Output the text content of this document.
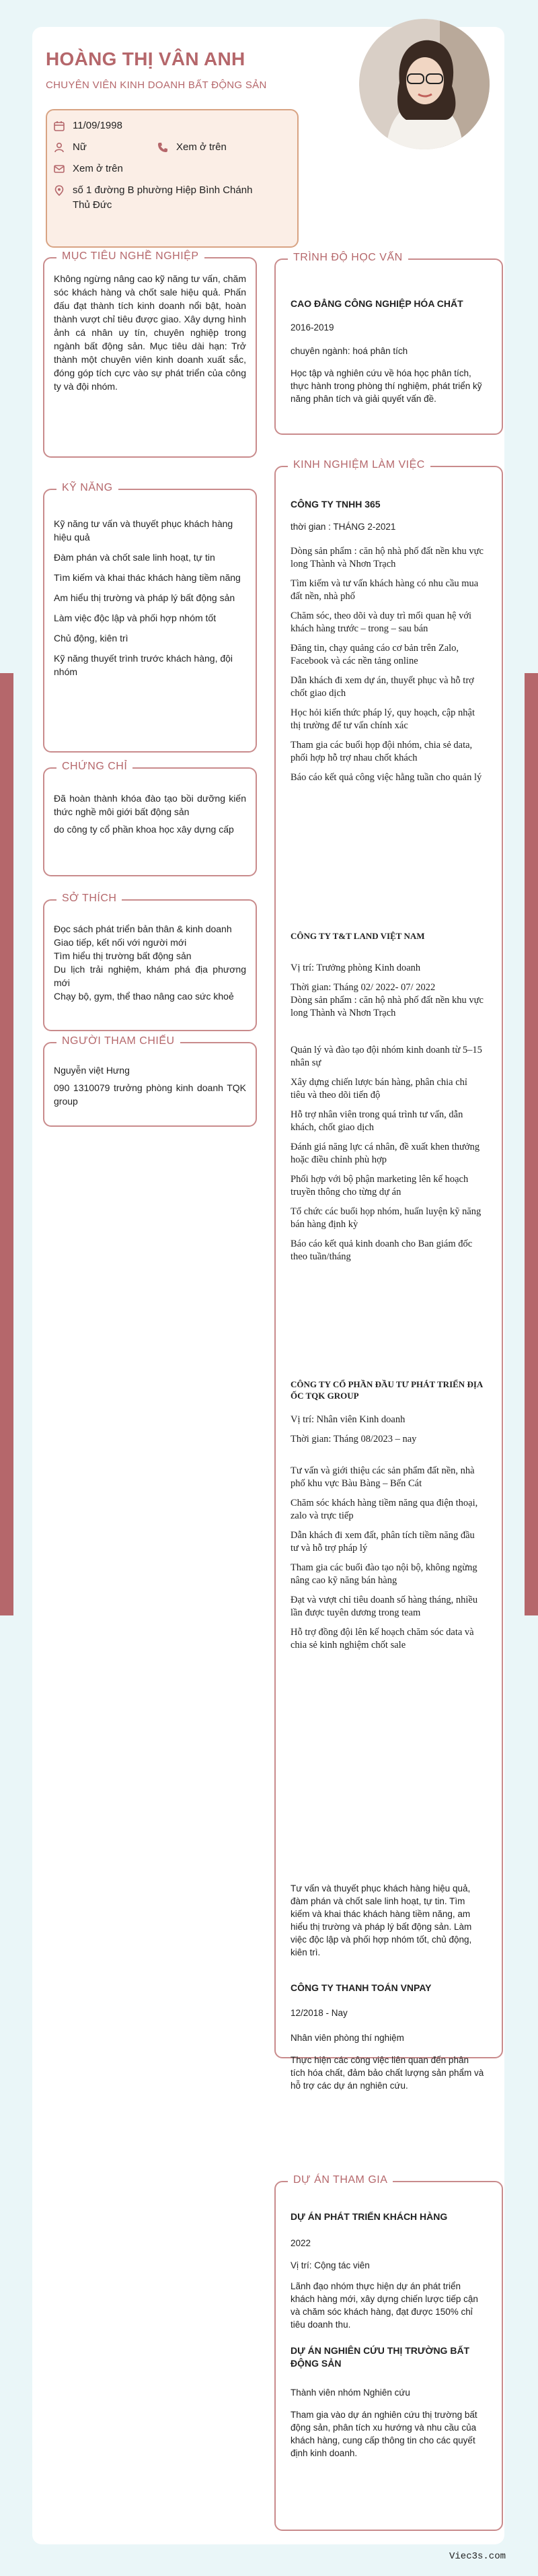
HOÀNG THỊ VÂN ANH
CHUYÊN VIÊN KINH DOANH BẤT ĐỘNG SẢN
11/09/1998
Nữ	Xem ở trên
Xem ở trên
số 1 đường B phường Hiệp Bình Chánh Thủ Đức
MỤC TIÊU NGHỀ NGHIỆP
Không ngừng nâng cao kỹ năng tư vấn, chăm sóc khách hàng và chốt sale hiệu quả. Phấn đấu đạt thành tích kinh doanh nổi bật, hoàn thành vượt chỉ tiêu được giao. Xây dựng hình ảnh cá nhân uy tín, chuyên nghiệp trong ngành bất động sản. Mục tiêu dài hạn: Trở thành một chuyên viên kinh doanh xuất sắc, đóng góp tích cực vào sự phát triển của công ty và đội nhóm.
KỸ NĂNG

Kỹ năng tư vấn và thuyết phục khách hàng hiệu quả

Đàm phán và chốt sale linh hoạt, tự tin

Tìm kiếm và khai thác khách hàng tiềm năng

Am hiểu thị trường và pháp lý bất động sản

Làm việc độc lập và phối hợp nhóm tốt

Chủ động, kiên trì

Kỹ năng thuyết trình trước khách hàng, đội nhóm

CHỨNG CHỈ

Đã hoàn thành khóa đào tạo bồi dưỡng kiến thức nghề môi giới bất động sản

do công ty cổ phần khoa học xây dựng cấp

SỞ THÍCH

Đọc sách phát triển bản thân & kinh doanh

Giao tiếp, kết nối với người mới

Tìm hiểu thị trường bất động sản

Du lịch trải nghiệm, khám phá địa phương mới

Chạy bộ, gym, thể thao nâng cao sức khoẻ

NGƯỜI THAM CHIẾU

Nguyễn việt Hưng

090 1310079 trưởng phòng kinh doanh TQK group

TRÌNH ĐỘ HỌC VẤN

CAO ĐẲNG CÔNG NGHIỆP HÓA CHẤT

2016-2019

chuyên ngành: hoá phân tích

Học tập và nghiên cứu về hóa học phân tích, thực hành trong phòng thí nghiệm, phát triển kỹ năng phân tích và giải quyết vấn đề.

KINH NGHIỆM LÀM VIỆC

CÔNG TY TNHH 365

thời gian : THÁNG 2-2021

Dòng sản phẩm : căn hộ nhà phố đất nền khu vực long Thành và Nhơn Trạch

Tìm kiếm và tư vấn khách hàng có nhu cầu mua đất nền, nhà phố

Chăm sóc, theo dõi và duy trì mối quan hệ với khách hàng trước – trong – sau bán

Đăng tin, chạy quảng cáo cơ bản trên Zalo, Facebook và các nền tảng online

Dẫn khách đi xem dự án, thuyết phục và hỗ trợ chốt giao dịch

Học hỏi kiến thức pháp lý, quy hoạch, cập nhật thị trường để tư vấn chính xác

Tham gia các buổi họp đội nhóm, chia sẻ data, phối hợp hỗ trợ nhau chốt khách

Báo cáo kết quả công việc hằng tuần cho quản lý

CÔNG TY T&T LAND VIỆT NAM

Vị trí: Trưởng phòng Kinh doanh

Thời gian: Tháng 02/ 2022- 07/ 2022

Dòng sản phẩm : căn hộ nhà phố đất nền khu vực long Thành và Nhơn Trạch

Quản lý và đào tạo đội nhóm kinh doanh từ 5–15 nhân sự

Xây dựng chiến lược bán hàng, phân chia chỉ tiêu và theo dõi tiến độ

Hỗ trợ nhân viên trong quá trình tư vấn, dẫn khách, chốt giao dịch

Đánh giá năng lực cá nhân, đề xuất khen thưởng hoặc điều chỉnh phù hợp

Phối hợp với bộ phận marketing lên kế hoạch truyền thông cho từng dự án

Tổ chức các buổi họp nhóm, huấn luyện kỹ năng bán hàng định kỳ

Báo cáo kết quả kinh doanh cho Ban giám đốc theo tuần/tháng

CÔNG TY CỔ PHẦN ĐẦU TƯ PHÁT TRIỂN ĐỊA ỐC TQK GROUP

Vị trí: Nhân viên Kinh doanh

Thời gian: Tháng 08/2023 – nay

Tư vấn và giới thiệu các sản phẩm đất nền, nhà phố khu vực Bàu Bàng – Bến Cát

Chăm sóc khách hàng tiềm năng qua điện thoại, zalo và trực tiếp

Dẫn khách đi xem đất, phân tích tiềm năng đầu tư và hỗ trợ pháp lý

Tham gia các buổi đào tạo nội bộ, không ngừng nâng cao kỹ năng bán hàng

Đạt và vượt chỉ tiêu doanh số hàng tháng, nhiều lần được tuyên dương trong team

Hỗ trợ đồng đội lên kế hoạch chăm sóc data và chia sẻ kinh nghiệm chốt sale

Tư vấn và thuyết phục khách hàng hiệu quả, đàm phán và chốt sale linh hoạt, tự tin. Tìm kiếm và khai thác khách hàng tiềm năng, am hiểu thị trường và pháp lý bất động sản. Làm việc độc lập và phối hợp nhóm tốt, chủ động, kiên trì.

CÔNG TY THANH TOÁN VNPAY

12/2018 - Nay

Nhân viên phòng thí nghiệm

Thực hiện các công việc liên quan đến phân tích hóa chất, đảm bảo chất lượng sản phẩm và hỗ trợ các dự án nghiên cứu.

DỰ ÁN THAM GIA

DỰ ÁN PHÁT TRIỂN KHÁCH HÀNG

2022

Vị trí: Cộng tác viên

Lãnh đạo nhóm thực hiện dự án phát triển khách hàng mới, xây dựng chiến lược tiếp cận và chăm sóc khách hàng, đạt được 150% chỉ tiêu doanh thu.

DỰ ÁN NGHIÊN CỨU THỊ TRƯỜNG BẤT ĐỘNG SẢN

Thành viên nhóm Nghiên cứu

Tham gia vào dự án nghiên cứu thị trường bất động sản, phân tích xu hướng và nhu cầu của khách hàng, cung cấp thông tin cho các quyết định kinh doanh.

Viec3s.com
